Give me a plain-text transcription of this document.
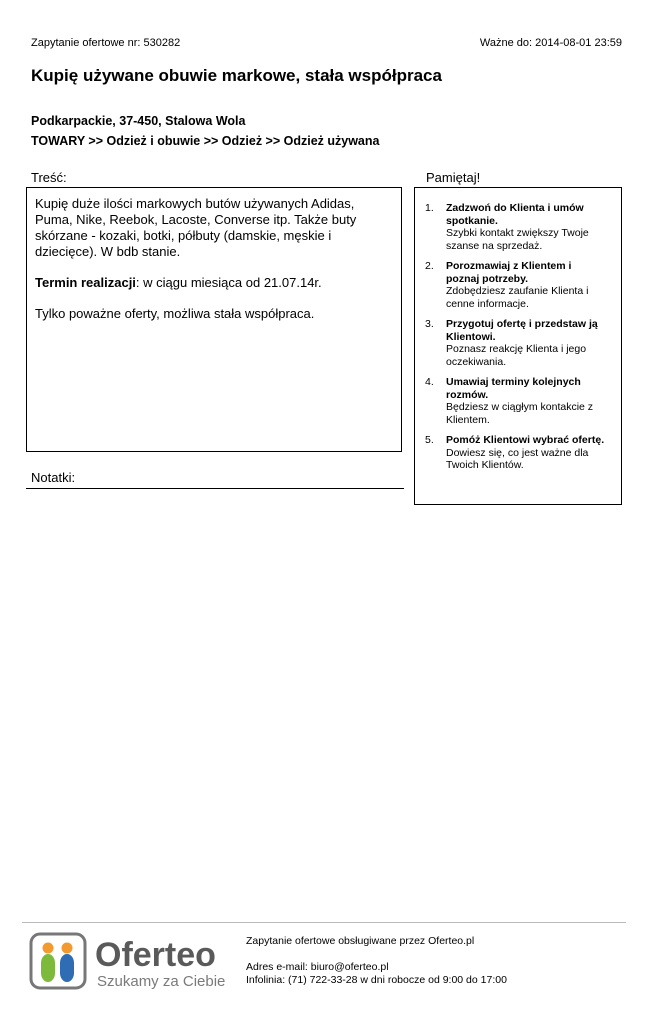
Zapytanie ofertowe nr: 530282	Ważne do: 2014-08-01 23:59
Kupię używane obuwie markowe, stała współpraca
Podkarpackie, 37-450, Stalowa Wola
TOWARY >> Odzież i obuwie >> Odzież >> Odzież używana
Treść:

Kupię duże ilości markowych butów używanych Adidas, Puma, Nike, Reebok, Lacoste, Converse itp. Także buty skórzane - kozaki, botki, półbuty (damskie, męskie i dziecięce). W bdb stanie.

Termin realizacji: w ciągu miesiąca od 21.07.14r.

Tylko poważne oferty, możliwa stała współpraca.

Notatki:
Pamiętaj!
1. Zadzwoń do Klienta i umów spotkanie.
Szybki kontakt zwiększy Twoje szanse na sprzedaż.
2. Porozmawiaj z Klientem i poznaj potrzeby.
Zdobędziesz zaufanie Klienta i cenne informacje.
3. Przygotuj ofertę i przedstaw ją Klientowi.
Poznasz reakcję Klienta i jego oczekiwania.
4. Umawiaj terminy kolejnych rozmów.
Będziesz w ciągłym kontakcie z Klientem.
5. Pomóż Klientowi wybrać ofertę.
Dowiesz się, co jest ważne dla Twoich Klientów.
Oferteo
Szukamy za Ciebie
Zapytanie ofertowe obsługiwane przez Oferteo.pl
Adres e-mail: biuro@oferteo.pl
Infolinia: (71) 722-33-28 w dni robocze od 9:00 do 17:00
